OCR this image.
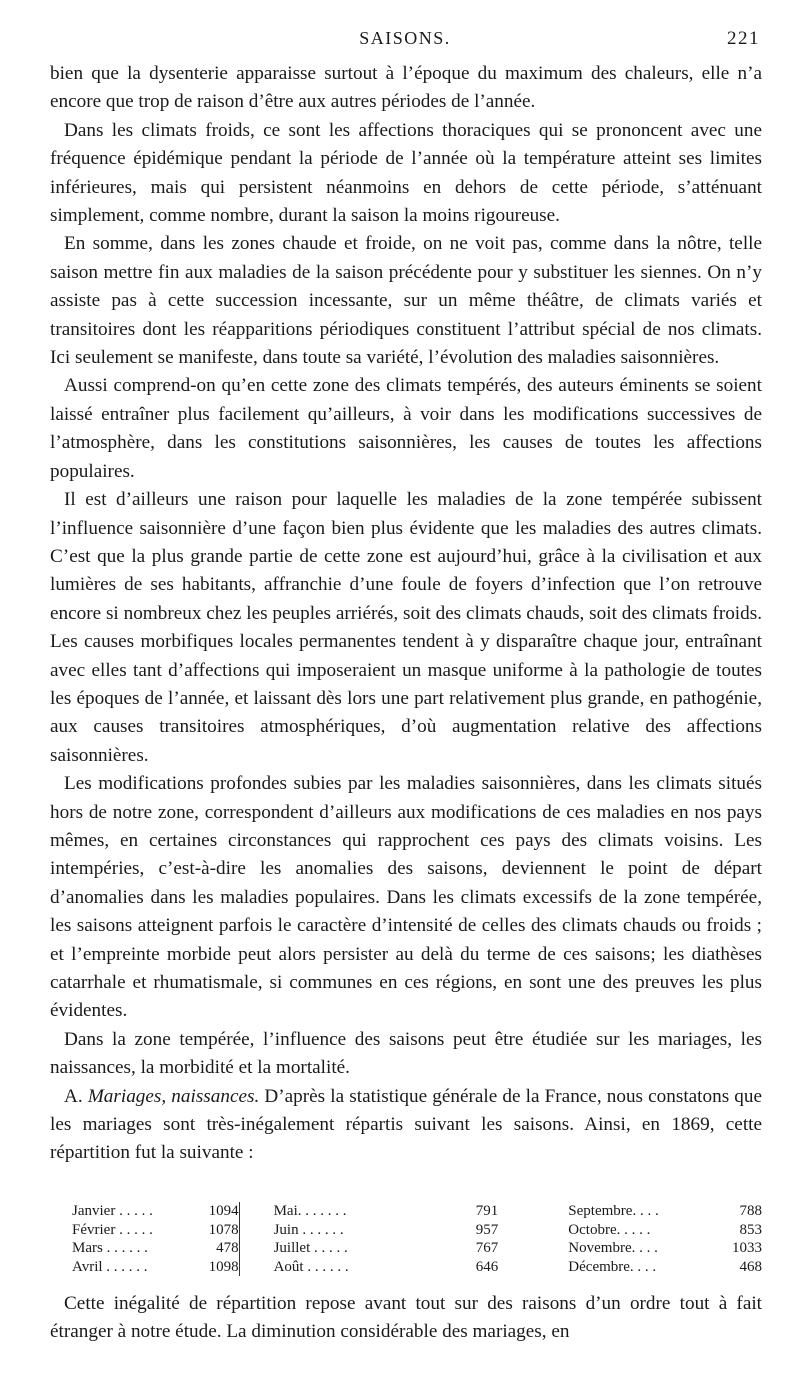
SAISONS.	221

bien que la dysenterie apparaisse surtout à l’époque du maximum des chaleurs, elle n’a encore que trop de raison d’être aux autres périodes de l’année.

Dans les climats froids, ce sont les affections thoraciques qui se prononcent avec une fréquence épidémique pendant la période de l’année où la température atteint ses limites inférieures, mais qui persistent néanmoins en dehors de cette période, s’atténuant simplement, comme nombre, durant la saison la moins rigoureuse.

En somme, dans les zones chaude et froide, on ne voit pas, comme dans la nôtre, telle saison mettre fin aux maladies de la saison précédente pour y substituer les siennes. On n’y assiste pas à cette succession incessante, sur un même théâtre, de climats variés et transitoires dont les réapparitions périodiques constituent l’attribut spécial de nos climats. Ici seulement se manifeste, dans toute sa variété, l’évolution des maladies saisonnières.

Aussi comprend-on qu’en cette zone des climats tempérés, des auteurs éminents se soient laissé entraîner plus facilement qu’ailleurs, à voir dans les modifications successives de l’atmosphère, dans les constitutions saisonnières, les causes de toutes les affections populaires.

Il est d’ailleurs une raison pour laquelle les maladies de la zone tempérée subissent l’influence saisonnière d’une façon bien plus évidente que les maladies des autres climats. C’est que la plus grande partie de cette zone est aujourd’hui, grâce à la civilisation et aux lumières de ses habitants, affranchie d’une foule de foyers d’infection que l’on retrouve encore si nombreux chez les peuples arriérés, soit des climats chauds, soit des climats froids. Les causes morbifiques locales permanentes tendent à y disparaître chaque jour, entraînant avec elles tant d’affections qui imposeraient un masque uniforme à la pathologie de toutes les époques de l’année, et laissant dès lors une part relativement plus grande, en pathogénie, aux causes transitoires atmosphériques, d’où augmentation relative des affections saisonnières.

Les modifications profondes subies par les maladies saisonnières, dans les climats situés hors de notre zone, correspondent d’ailleurs aux modifications de ces maladies en nos pays mêmes, en certaines circonstances qui rapprochent ces pays des climats voisins. Les intempéries, c’est-à-dire les anomalies des saisons, deviennent le point de départ d’anomalies dans les maladies populaires. Dans les climats excessifs de la zone tempérée, les saisons atteignent parfois le caractère d’intensité de celles des climats chauds ou froids ; et l’empreinte morbide peut alors persister au delà du terme de ces saisons; les diathèses catarrhale et rhumatismale, si communes en ces régions, en sont une des preuves les plus évidentes.

Dans la zone tempérée, l’influence des saisons peut être étudiée sur les mariages, les naissances, la morbidité et la mortalité.

A. Mariages, naissances. D’après la statistique générale de la France, nous constatons que les mariages sont très-inégalement répartis suivant les saisons. Ainsi, en 1869, cette répartition fut la suivante :

Janvier . . . . .	1094
Février . . . . .	1078
Mars . . . . . .	478
Avril . . . . . .	1098
Mai. . . . . . .	791
Juin . . . . . .	957
Juillet . . . . .	767
Août . . . . . .	646
Septembre. . . .	788
Octobre. . . . .	853
Novembre. . . .	1033
Décembre. . . .	468

Cette inégalité de répartition repose avant tout sur des raisons d’un ordre tout à fait étranger à notre étude. La diminution considérable des mariages, en
